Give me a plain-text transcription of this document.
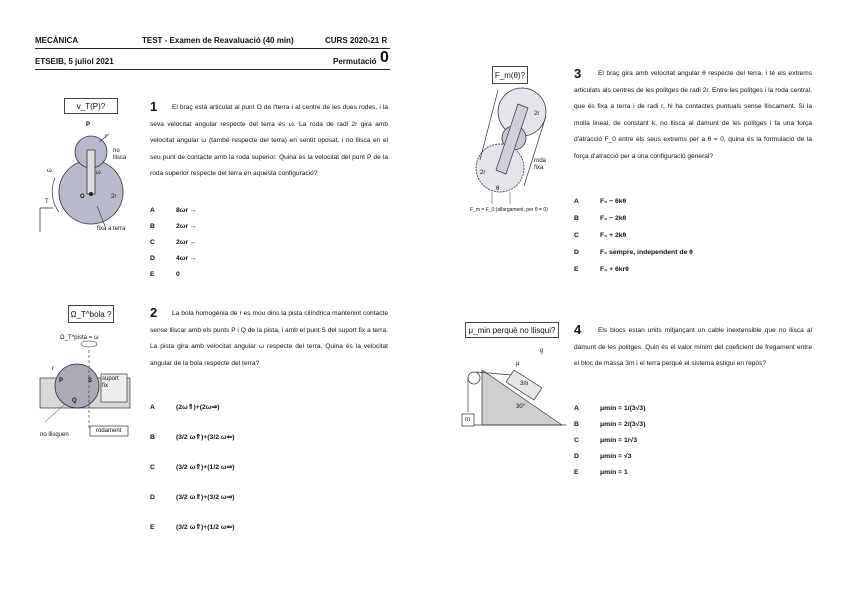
MECÀNICA	TEST - Examen de Reavaluació (40 min)	CURS 2020-21 R
ETSEIB, 5 juliol 2021	Permutació 0
v_T(P)?
P
r
no llisca
ω	ω
O	2r
T
fixa a terra
1	El braç està articulat al punt O de l'terra i al centre de les dues rodes, i la seva velocitat angular respecte del terra és ω. La roda de radi 2r gira amb velocitat angular ω (també respecte del terra) en sentit oposat, i no llisca en el seu punt de contacte amb la roda superior. Quina és la velocitat del punt P de la roda superior respecte del terra en aquesta configuració?
A	8ωr →
B	2ωr →
C	2ωr ←
D	4ωr →
E	0
Ω_T^bola ?
Ω_T^pista = ω
P	S
Q
r
suport fix
no llisquen
rodament
2	La bola homogènia de r es mou dins la pista cilíndrica mantenint contacte sense lliscar amb els punts P i Q de la pista, i amb el punt S del suport fix a terra. La pista gira amb velocitat angular ω respecte del terra. Quina és la velocitat angular de la bola respecte del terra?
A	(2ω⇑)+(2ω⇒)
B	(3/2 ω⇑)+(3/2 ω⇐)
C	(3/2 ω⇑)+(1/2 ω⇒)
D	(3/2 ω⇑)+(3/2 ω⇒)
E	(3/2 ω⇑)+(1/2 ω⇐)
F_m(θ)?
2r
2r
roda fixa
θ
F_m = F_0 (allargament, per θ = 0)
3	El braç gira amb velocitat angular θ respecte del terra, i té els extrems articulats als centres de les politges de radi 2r. Entre les politges i la roda central, que és fixa a terra i de radi r, hi ha contactes puntuals sense lliscament. Si la molla lineal, de constant k, no llisca al damunt de les politges i fa una força d'atracció F_0 entre els seus extrems per a θ = 0, quina és la formulació de la força d'atracció per a una configuració general?
A	F₀ − 6kθ
B	F₀ − 2kθ
C	F₀ + 2kθ
D	F₀ sempre, independent de θ
E	F₀ + 6krθ
μ_min perquè no llisqui?
g
μ
3m
m
30°
4	Els blocs estan units mitjançant un cable inextensible que no llisca al damunt de les politges. Quin és el valor mínim del coeficient de fregament entre el bloc de massa 3m i el terra perquè el sistema estigui en repòs?
A	μmin = 1/(3√3)
B	μmin = 2/(3√3)
C	μmin = 1/√3
D	μmin = √3
E	μmin = 1
